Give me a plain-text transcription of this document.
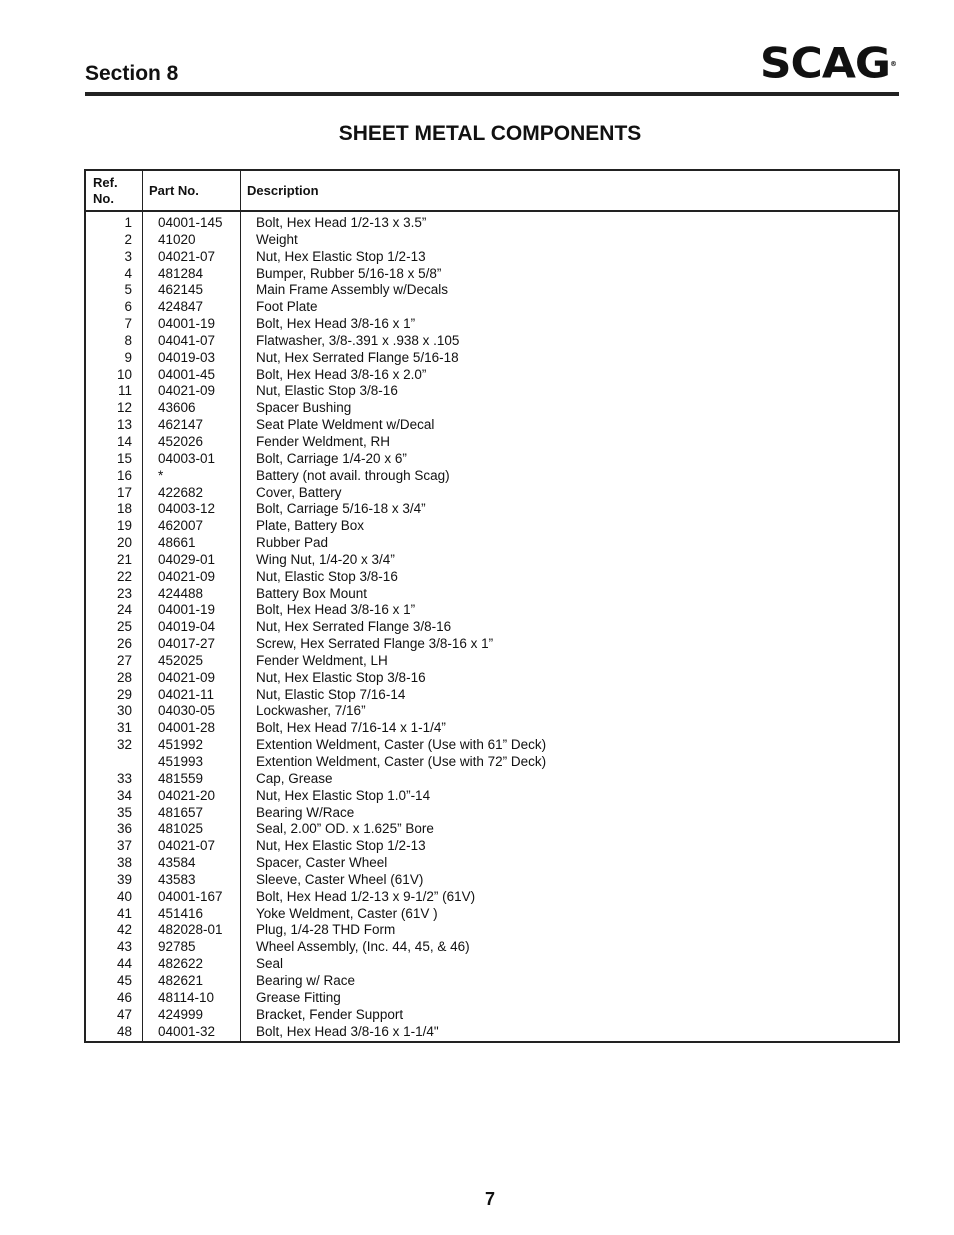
Section 8	SCAG®
SHEET METAL COMPONENTS
Ref.
No.
Part No.	Description
1 04001-145 Bolt, Hex Head 1/2-13 x 3.5”
2 41020	Weight
3 04021-07	Nut, Hex Elastic Stop 1/2-13
4 481284	Bumper, Rubber 5/16-18 x 5/8”
5 462145	Main Frame Assembly w/Decals
6 424847	Foot Plate
7 04001-19	Bolt, Hex Head 3/8-16 x 1”
8 04041-07	Flatwasher, 3/8-.391 x .938 x .105
9 04019-03	Nut, Hex Serrated Flange 5/16-18
10 04001-45	Bolt, Hex Head 3/8-16 x 2.0”
11 04021-09	Nut, Elastic Stop 3/8-16
12 43606	Spacer Bushing
13 462147	Seat Plate Weldment w/Decal
14 452026	Fender Weldment, RH
15 04003-01	Bolt, Carriage 1/4-20 x 6”
16 *	Battery (not avail. through Scag)
17 422682	Cover, Battery
18 04003-12	Bolt, Carriage 5/16-18 x 3/4”
19 462007	Plate, Battery Box
20 48661	Rubber Pad
21 04029-01	Wing Nut, 1/4-20 x 3/4”
22 04021-09	Nut, Elastic Stop 3/8-16
23 424488	Battery Box Mount
24 04001-19	Bolt, Hex Head 3/8-16 x 1”
25 04019-04	Nut, Hex Serrated Flange 3/8-16
26 04017-27	Screw, Hex Serrated Flange 3/8-16 x 1”
27 452025	Fender Weldment, LH
28 04021-09	Nut, Hex Elastic Stop 3/8-16
29 04021-11	Nut, Elastic Stop 7/16-14
30 04030-05	Lockwasher, 7/16”
31 04001-28	Bolt, Hex Head 7/16-14 x 1-1/4”
32 451992	Extention Weldment, Caster (Use with 61” Deck)
451993	Extention Weldment, Caster (Use with 72” Deck)
33 481559	Cap, Grease
34 04021-20	Nut, Hex Elastic Stop 1.0”-14
35 481657	Bearing W/Race
36 481025	Seal, 2.00” OD. x 1.625” Bore
37 04021-07	Nut, Hex Elastic Stop 1/2-13
38 43584	Spacer, Caster Wheel
39 43583	Sleeve, Caster Wheel (61V)
40 04001-167 Bolt, Hex Head 1/2-13 x 9-1/2” (61V)
41 451416	Yoke Weldment, Caster (61V )
42 482028-01 Plug, 1/4-28 THD Form
43 92785	Wheel Assembly, (Inc. 44, 45, & 46)
44 482622	Seal
45 482621	Bearing w/ Race
46 48114-10	Grease Fitting
47 424999	Bracket, Fender Support
48 04001-32	Bolt, Hex Head 3/8-16 x 1-1/4"
7
